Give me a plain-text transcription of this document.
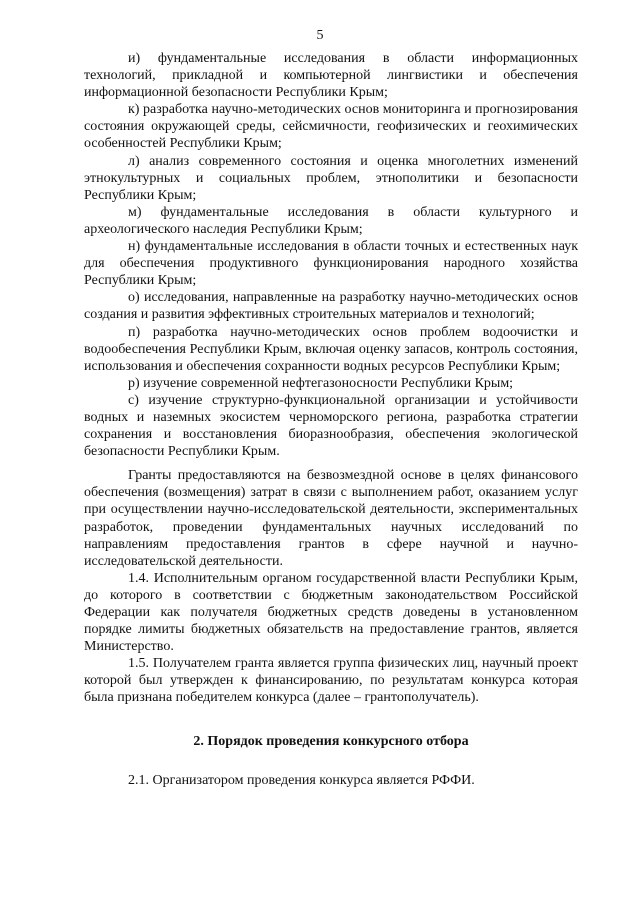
5

и) фундаментальные исследования в области информационных технологий, прикладной и компьютерной лингвистики и обеспечения информационной безопасности Республики Крым;

к) разработка научно-методических основ мониторинга и прогнозирования состояния окружающей среды, сейсмичности, геофизических и геохимических особенностей Республики Крым;

л) анализ современного состояния и оценка многолетних изменений этнокультурных и социальных проблем, этнополитики и безопасности Республики Крым;

м) фундаментальные исследования в области культурного и археологического наследия Республики Крым;

н) фундаментальные исследования в области точных и естественных наук для обеспечения продуктивного функционирования народного хозяйства Республики Крым;

о) исследования, направленные на разработку научно-методических основ создания и развития эффективных строительных материалов и технологий;

п) разработка научно-методических основ проблем водоочистки и водообеспечения Республики Крым, включая оценку запасов, контроль состояния, использования и обеспечения сохранности водных ресурсов Республики Крым;

р) изучение современной нефтегазоносности Республики Крым;

с) изучение структурно-функциональной организации и устойчивости водных и наземных экосистем черноморского региона, разработка стратегии сохранения и восстановления биоразнообразия, обеспечения экологической безопасности Республики Крым.

Гранты предоставляются на безвозмездной основе в целях финансового обеспечения (возмещения) затрат в связи с выполнением работ, оказанием услуг при осуществлении научно-исследовательской деятельности, экспериментальных разработок, проведении фундаментальных научных исследований по направлениям предоставления грантов в сфере научной и научно-исследовательской деятельности.

1.4. Исполнительным органом государственной власти Республики Крым, до которого в соответствии с бюджетным законодательством Российской Федерации как получателя бюджетных средств доведены в установленном порядке лимиты бюджетных обязательств на предоставление грантов, является Министерство.

1.5. Получателем гранта является группа физических лиц, научный проект которой был утвержден к финансированию, по результатам конкурса которая была признана победителем конкурса (далее – грантополучатель).

2. Порядок проведения конкурсного отбора

2.1. Организатором проведения конкурса является РФФИ.
